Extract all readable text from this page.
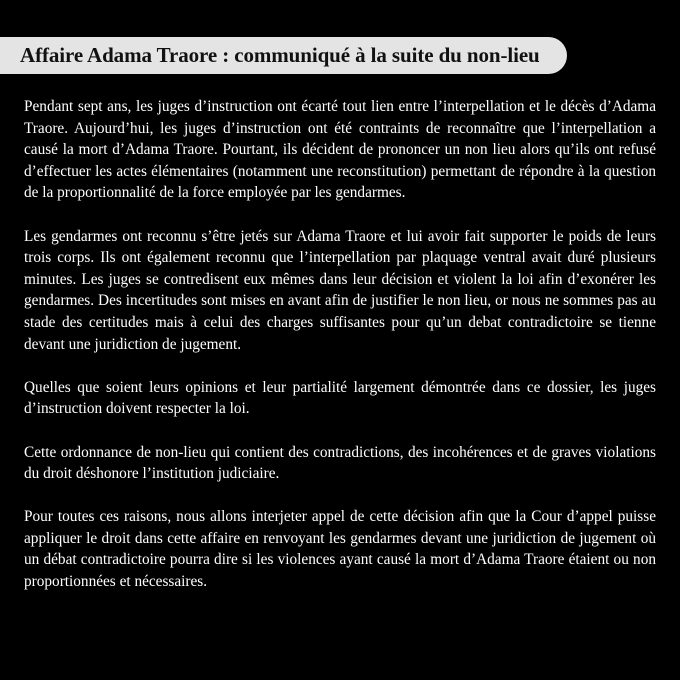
Affaire Adama Traore : communiqué à la suite du non-lieu

Pendant sept ans, les juges d’instruction ont écarté tout lien entre l’interpellation et le décès d’Adama Traore. Aujourd’hui, les juges d’instruction ont été contraints de reconnaître que l’interpellation a causé la mort d’Adama Traore. Pourtant, ils décident de prononcer un non lieu alors qu’ils ont refusé d’effectuer les actes élémentaires (notamment une reconstitution) permettant de répondre à la question de la proportionnalité de la force employée par les gendarmes.

Les gendarmes ont reconnu s’être jetés sur Adama Traore et lui avoir fait supporter le poids de leurs trois corps. Ils ont également reconnu que l’interpellation par plaquage ventral avait duré plusieurs minutes. Les juges se contredisent eux mêmes dans leur décision et violent la loi afin d’exonérer les gendarmes. Des incertitudes sont mises en avant afin de justifier le non lieu, or nous ne sommes pas au stade des certitudes mais à celui des charges suffisantes pour qu’un debat contradictoire se tienne devant une juridiction de jugement.

Quelles que soient leurs opinions et leur partialité largement démontrée dans ce dossier, les juges d’instruction doivent respecter la loi.

Cette ordonnance de non-lieu qui contient des contradictions, des incohérences et de graves violations du droit déshonore l’institution judiciaire.

Pour toutes ces raisons, nous allons interjeter appel de cette décision afin que la Cour d’appel puisse appliquer le droit dans cette affaire en renvoyant les gendarmes devant une juridiction de jugement où un débat contradictoire pourra dire si les violences ayant causé la mort d’Adama Traore étaient ou non proportionnées et nécessaires.
